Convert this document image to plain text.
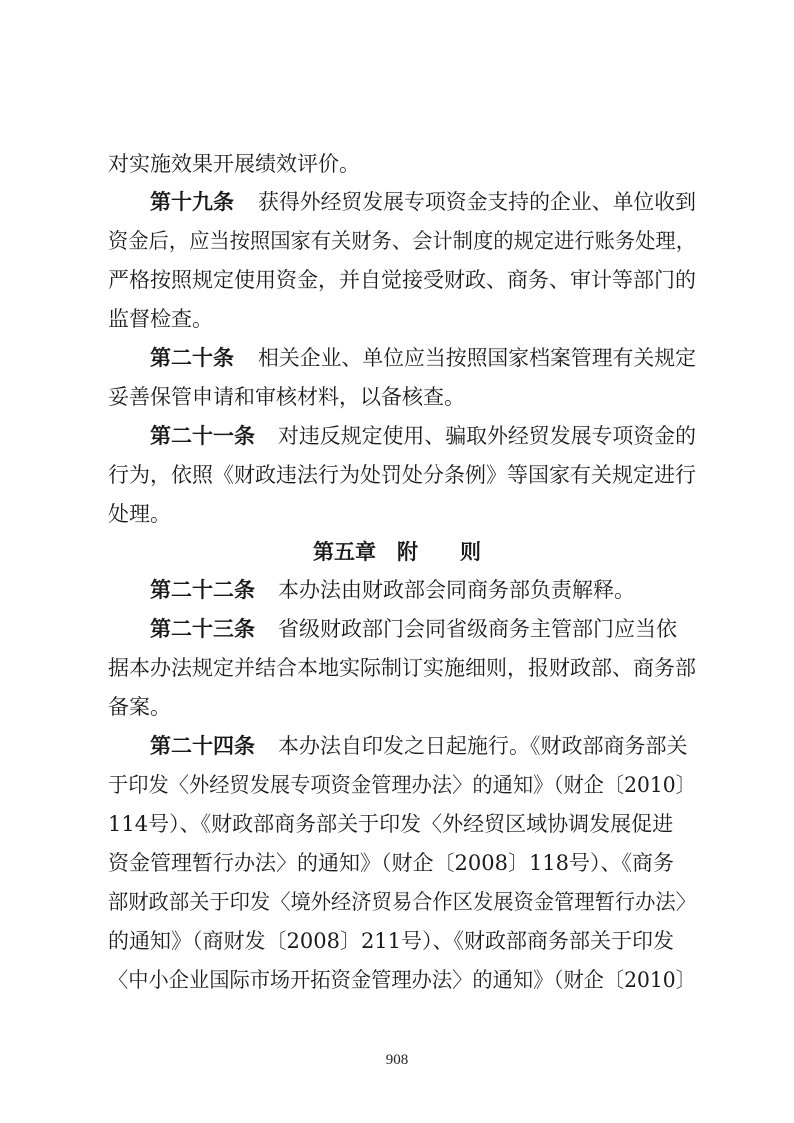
对实施效果开展绩效评价。
第十九条 获得外经贸发展专项资金支持的企业、单位收到
资金后，应当按照国家有关财务、会计制度的规定进行账务处理，
严格按照规定使用资金，并自觉接受财政、商务、审计等部门的
监督检查。
第二十条 相关企业、单位应当按照国家档案管理有关规定
妥善保管申请和审核材料，以备核查。
第二十一条 对违反规定使用、骗取外经贸发展专项资金的
行为，依照《财政违法行为处罚处分条例》等国家有关规定进行
处理。
第五章　附　　则
第二十二条 本办法由财政部会同商务部负责解释。
第二十三条 省级财政部门会同省级商务主管部门应当依
据本办法规定并结合本地实际制订实施细则，报财政部、商务部
备案。
第二十四条 本办法自印发之日起施行。《财政部商务部关
于印发〈外经贸发展专项资金管理办法〉的通知》（财企〔2010〕
114号）、《财政部商务部关于印发〈外经贸区域协调发展促进
资金管理暂行办法〉的通知》（财企〔2008〕118号）、《商务
部财政部关于印发〈境外经济贸易合作区发展资金管理暂行办法〉
的通知》（商财发〔2008〕211号）、《财政部商务部关于印发
〈中小企业国际市场开拓资金管理办法〉的通知》（财企〔2010〕
908
